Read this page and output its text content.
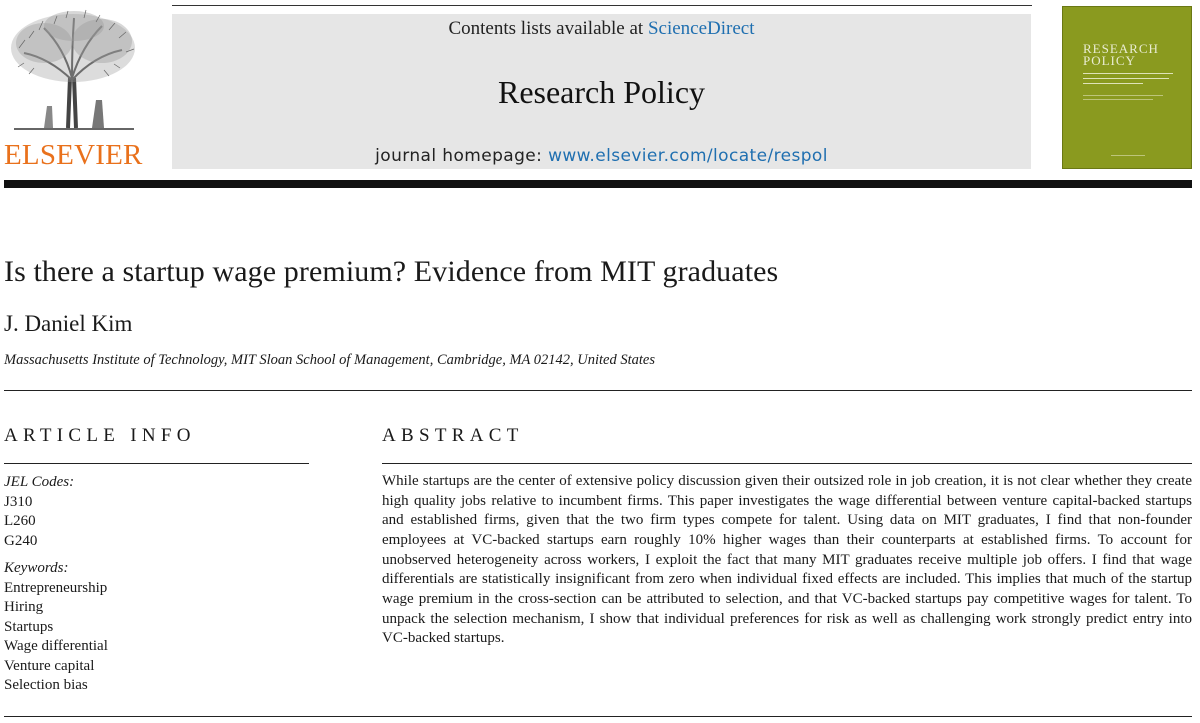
ELSEVIER
Contents lists available at ScienceDirect
Research Policy
journal homepage: www.elsevier.com/locate/respol
RESEARCH
POLICY
Is there a startup wage premium? Evidence from MIT graduates
J. Daniel Kim
Massachusetts Institute of Technology, MIT Sloan School of Management, Cambridge, MA 02142, United States
ARTICLE INFO
JEL Codes:
J310
L260
G240
Keywords:
Entrepreneurship
Hiring
Startups
Wage differential
Venture capital
Selection bias
ABSTRACT

While startups are the center of extensive policy discussion given their outsized role in job creation, it is not clear whether they create high quality jobs relative to incumbent firms. This paper investigates the wage differential between venture capital-backed startups and established firms, given that the two firm types compete for talent. Using data on MIT graduates, I find that non-founder employees at VC-backed startups earn roughly 10% higher wages than their counterparts at established firms. To account for unobserved heterogeneity across workers, I exploit the fact that many MIT graduates receive multiple job offers. I find that wage differentials are statistically insignificant from zero when individual fixed effects are included. This implies that much of the startup wage premium in the cross-section can be attributed to selection, and that VC-backed startups pay competitive wages for talent. To unpack the selection mechanism, I show that individual preferences for risk as well as challenging work strongly predict entry into VC-backed startups.
